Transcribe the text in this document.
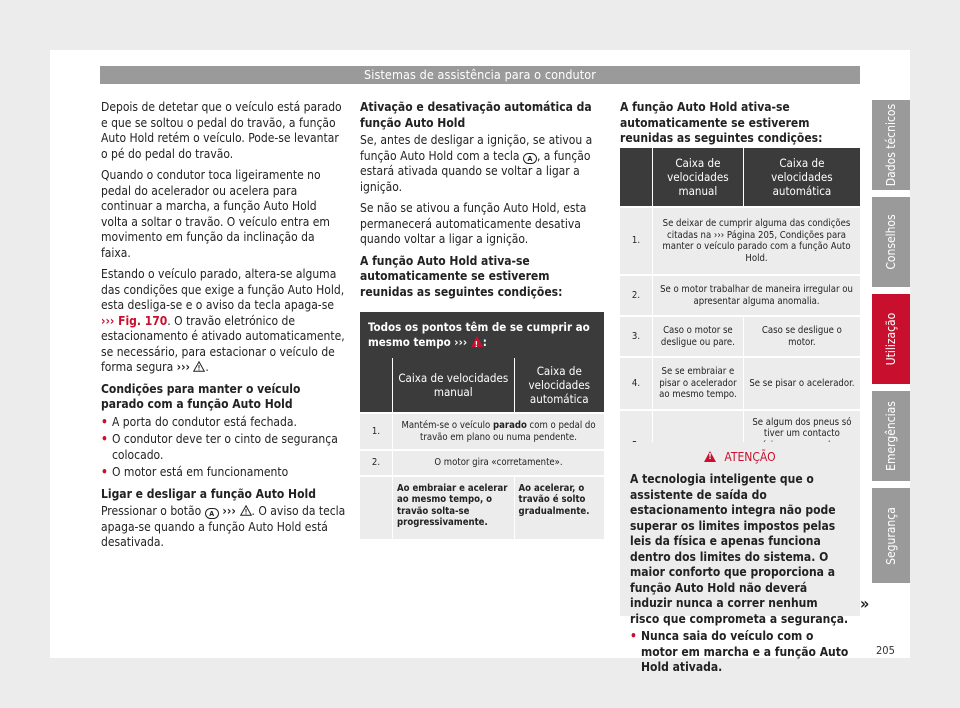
Sistemas de assistência para o condutor

Depois de detetar que o veículo está parado e que se soltou o pedal do travão, a função Auto Hold retém o veículo. Pode-se levantar o pé do pedal do travão.

Quando o condutor toca ligeiramente no pedal do acelerador ou acelera para continuar a marcha, a função Auto Hold volta a soltar o travão. O veículo entra em movimento em função da inclinação da faixa.

Estando o veículo parado, altera-se alguma das condições que exige a função Auto Hold, esta desliga-se e o aviso da tecla apaga-se ››› Fig. 170. O travão eletrónico de estacionamento é ativado automaticamente, se necessário, para estacionar o veículo de forma segura ››› .

Condições para manter o veículo parado com a função Auto Hold

• A porta do condutor está fechada.
• O condutor deve ter o cinto de segurança colocado.
• O motor está em funcionamento

Ligar e desligar a função Auto Hold

Pressionar o botão A ››› . O aviso da tecla apaga-se quando a função Auto Hold está desativada.

Ativação e desativação automática da função Auto Hold

Se, antes de desligar a ignição, se ativou a função Auto Hold com a tecla A , a função estará ativada quando se voltar a ligar a ignição.

Se não se ativou a função Auto Hold, esta permanecerá automaticamente desativa quando voltar a ligar a ignição.

A função Auto Hold ativa-se automaticamente se estiverem reunidas as seguintes condições:

Todos os pontos têm de se cumprir ao mesmo tempo ››› !:
	Caixa de velocidades manual	Caixa de velocidades automática
1.	Mantém-se o veículo parado com o pedal do travão em plano ou numa pendente.	
2.	O motor gira «corretamente».	
	Ao embraiar e acelerar ao mesmo tempo, o travão solta-se progressivamente.	Ao acelerar, o travão é solto gradualmente.

A função Auto Hold ativa-se automaticamente se estiverem reunidas as seguintes condições:

	Caixa de velocidades manual	Caixa de velocidades automática
1.	Se deixar de cumprir alguma das condições citadas na ››› Página 205, Condições para manter o veículo parado com a função Auto Hold.	
2.	Se o motor trabalhar de maneira irregular ou apresentar alguma anomalia.	
3.	Caso o motor se desligue ou pare.	Caso se desligue o motor.
4.	Se se embraiar e pisar o acelerador ao mesmo tempo.	Se se pisar o acelerador.
		Se algum dos pneus só tiver um contacto
!ATENÇÃO
A tecnologia inteligente que o assistente de saída do estacionamento integra não pode superar os limites impostos pelas leis da física e apenas funciona dentro dos limites do sistema. O maior conforto que proporciona a função Auto Hold não deverá induzir nunca a correr nenhum risco que comprometa a segurança.
• Nunca saia do veículo com o motor em marcha e a função Auto Hold ativada.
»
205
Dados técnicos
Conselhos
Utilização
Emergências
Segurança
